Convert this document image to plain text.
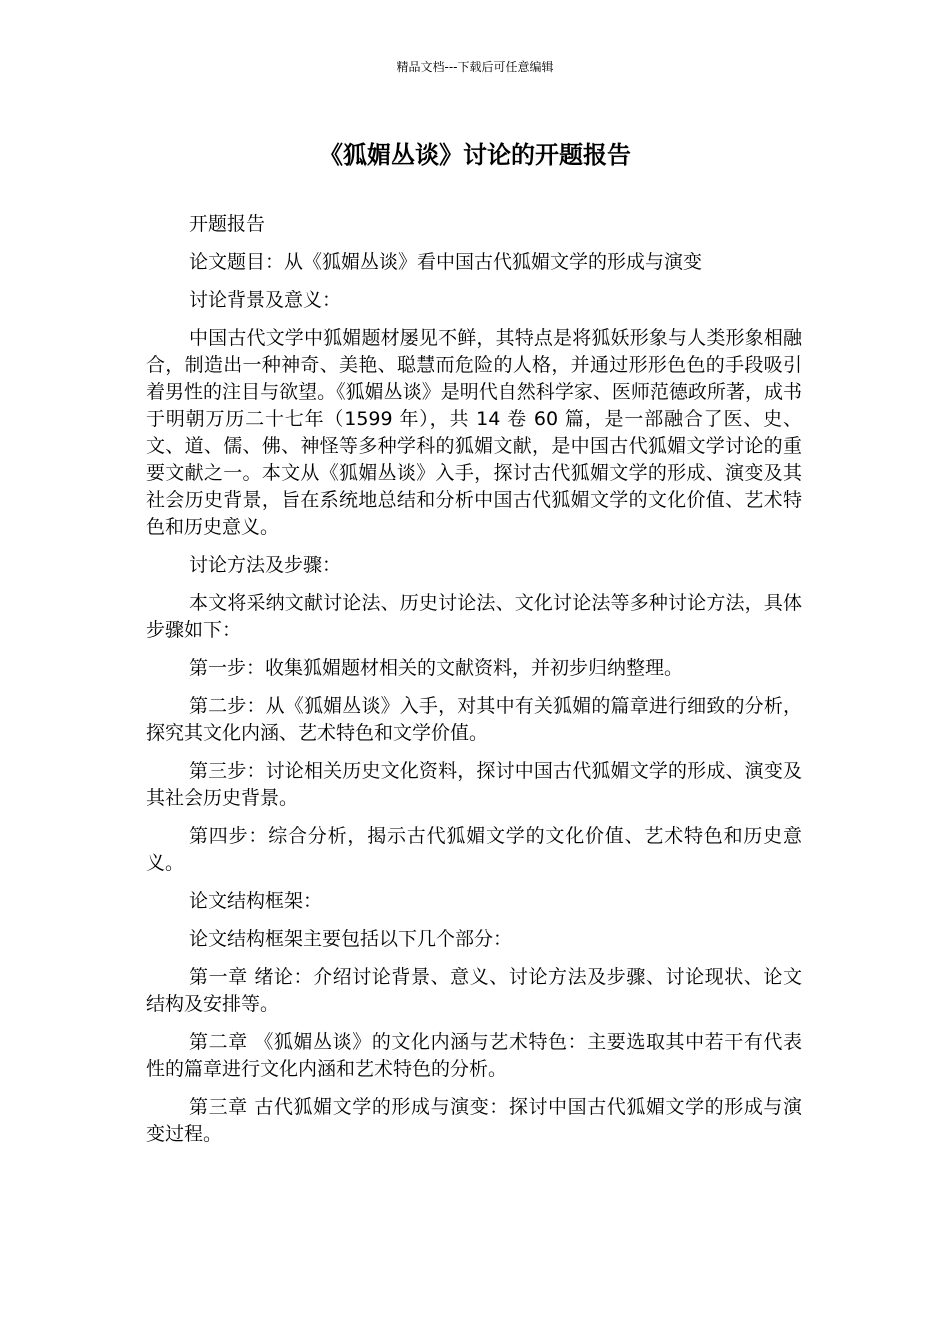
精品文档---下载后可任意编辑
《狐媚丛谈》讨论的开题报告

开题报告

论文题目：从《狐媚丛谈》看中国古代狐媚文学的形成与演变

讨论背景及意义：

中国古代文学中狐媚题材屡见不鲜，其特点是将狐妖形象与人类形象相融合，制造出一种神奇、美艳、聪慧而危险的人格，并通过形形色色的手段吸引着男性的注目与欲望。《狐媚丛谈》是明代自然科学家、医师范德政所著，成书于明朝万历二十七年（1599 年），共 14 卷 60 篇，是一部融合了医、史、文、道、儒、佛、神怪等多种学科的狐媚文献，是中国古代狐媚文学讨论的重要文献之一。本文从《狐媚丛谈》入手，探讨古代狐媚文学的形成、演变及其社会历史背景，旨在系统地总结和分析中国古代狐媚文学的文化价值、艺术特色和历史意义。

讨论方法及步骤：

本文将采纳文献讨论法、历史讨论法、文化讨论法等多种讨论方法，具体步骤如下：

第一步：收集狐媚题材相关的文献资料，并初步归纳整理。

第二步：从《狐媚丛谈》入手，对其中有关狐媚的篇章进行细致的分析，探究其文化内涵、艺术特色和文学价值。

第三步：讨论相关历史文化资料，探讨中国古代狐媚文学的形成、演变及其社会历史背景。

第四步：综合分析，揭示古代狐媚文学的文化价值、艺术特色和历史意义。

论文结构框架：

论文结构框架主要包括以下几个部分：

第一章 绪论：介绍讨论背景、意义、讨论方法及步骤、讨论现状、论文结构及安排等。

第二章 《狐媚丛谈》的文化内涵与艺术特色：主要选取其中若干有代表性的篇章进行文化内涵和艺术特色的分析。

第三章 古代狐媚文学的形成与演变：探讨中国古代狐媚文学的形成与演变过程。
